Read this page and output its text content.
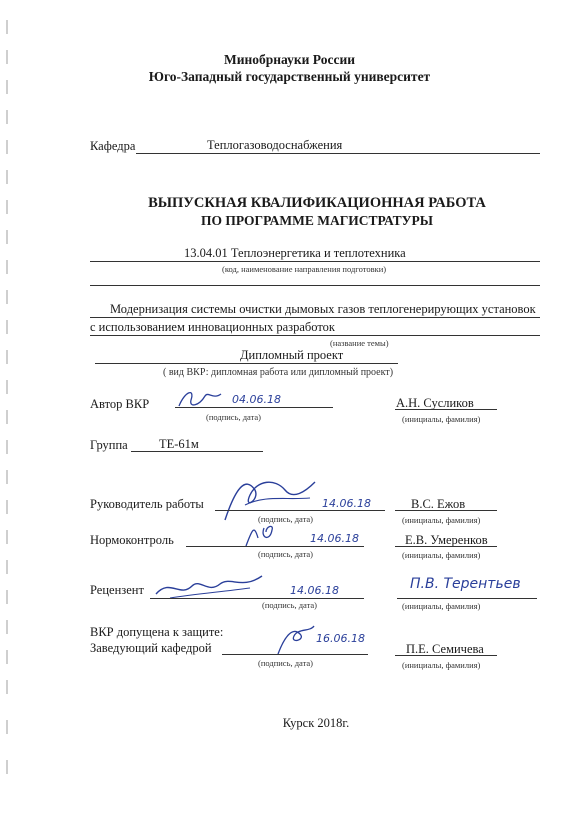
Минобрнауки России
Юго-Западный государственный университет
Кафедра	Теплогазоводоснабжения
ВЫПУСКНАЯ КВАЛИФИКАЦИОННАЯ РАБОТА
ПО ПРОГРАММЕ МАГИСТРАТУРЫ
13.04.01 Теплоэнергетика и теплотехника
(код, наименование направления подготовки)
Модернизация системы очистки дымовых газов теплогенерирующих установок
с использованием инновационных разработок
(название темы)
Дипломный проект
( вид ВКР: дипломная работа или дипломный проект)
Автор ВКР	04.06.18
(подпись, дата)
А.Н. Сусликов
(инициалы, фамилия)
Группа	ТЕ-61м
Руководитель работы	14.06.18
(подпись, дата)
В.С. Ежов
(инициалы, фамилия)
Нормоконтроль	14.06.18
(подпись, дата)
Е.В. Умеренков
(инициалы, фамилия)
Рецензент	14.06.18
(подпись, дата)
П.В. Терентьев
(инициалы, фамилия)
ВКР допущена к защите:
Заведующий кафедрой
16.06.18
(подпись, дата)
П.Е. Семичева
(инициалы, фамилия)
Курск 2018г.
